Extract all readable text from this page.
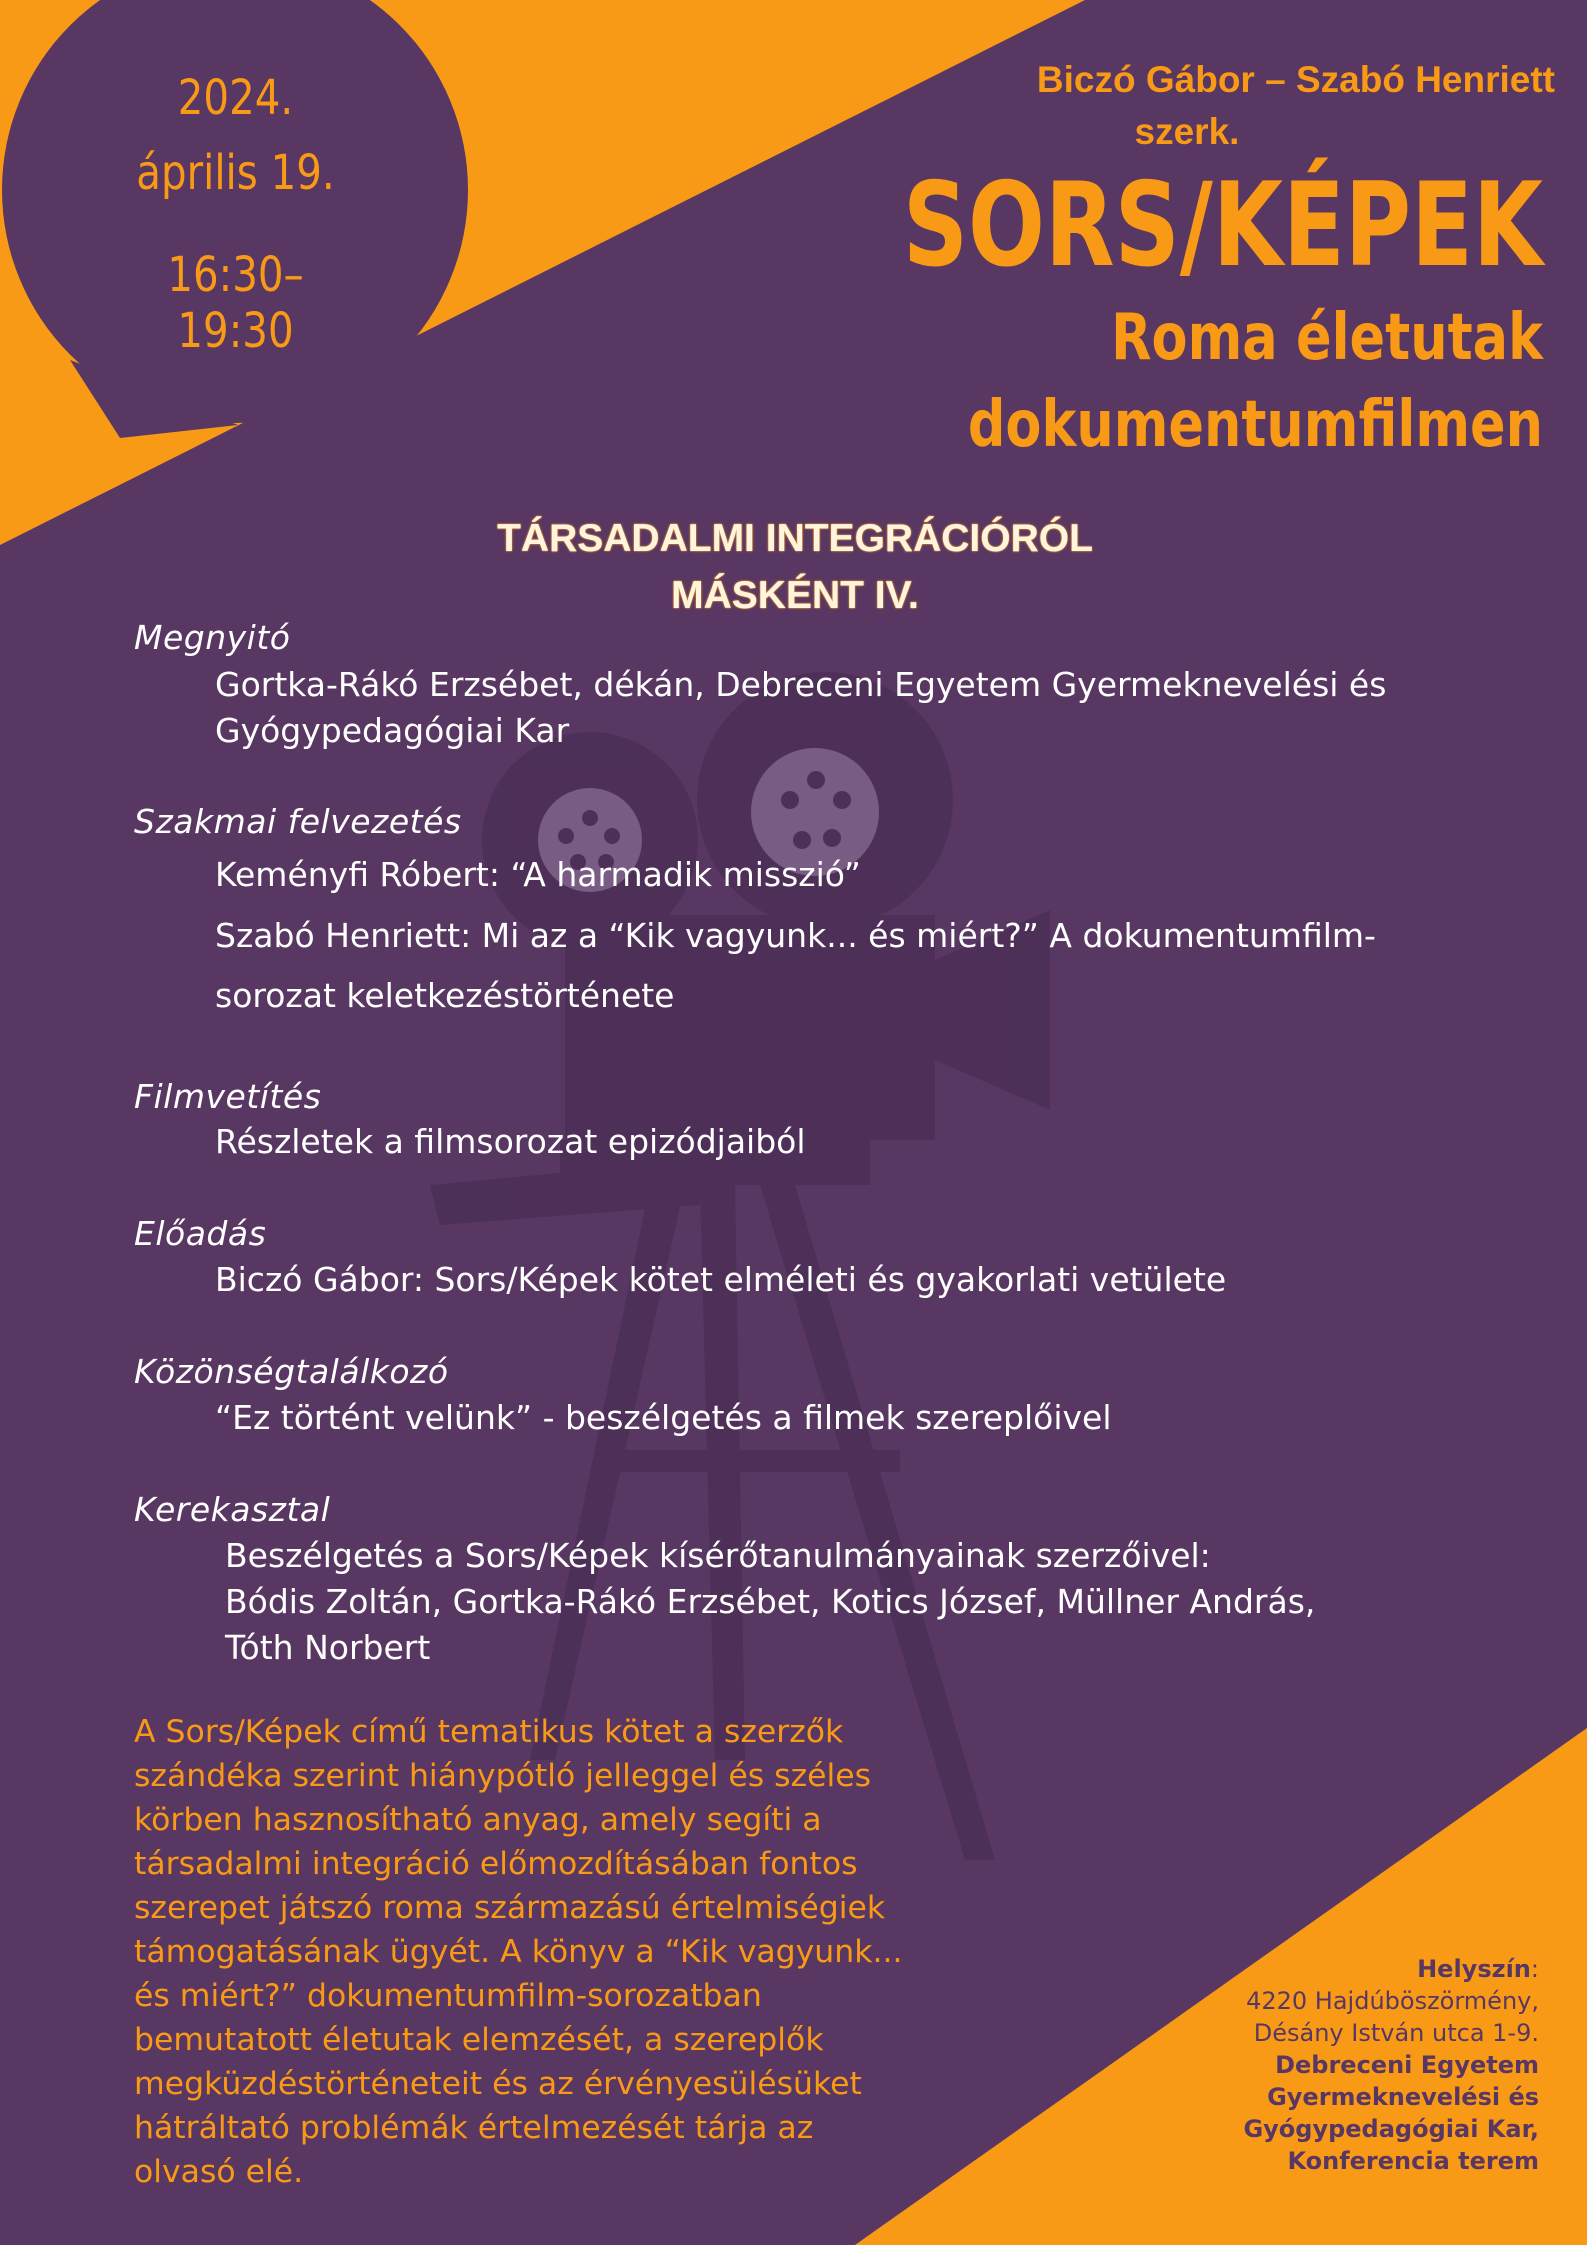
2024.
április 19.
16:30–19:30
Biczó Gábor – Szabó Henriett
szerk.
SORS/KÉPEK
Roma életutak
dokumentumfilmen
TÁRSADALMI INTEGRÁCIÓRÓL
MÁSKÉNT IV.
Megnyitó
Gortka-Rákó Erzsébet, dékán, Debreceni Egyetem Gyermeknevelési és
Gyógypedagógiai Kar
Szakmai felvezetés
Keményfi Róbert: “A harmadik misszió”
Szabó Henriett: Mi az a “Kik vagyunk... és miért?” A dokumentumfilm-
sorozat keletkezéstörténete
Filmvetítés
Részletek a filmsorozat epizódjaiból
Előadás
Biczó Gábor: Sors/Képek kötet elméleti és gyakorlati vetülete
Közönségtalálkozó
“Ez történt velünk” - beszélgetés a filmek szereplőivel
Kerekasztal
Beszélgetés a Sors/Képek kísérőtanulmányainak szerzőivel:
Bódis Zoltán, Gortka-Rákó Erzsébet, Kotics József, Müllner András,
Tóth Norbert
A Sors/Képek című tematikus kötet a szerzők
szándéka szerint hiánypótló jelleggel és széles
körben hasznosítható anyag, amely segíti a
társadalmi integráció előmozdításában fontos
szerepet játszó roma származású értelmiségiek
támogatásának ügyét. A könyv a “Kik vagyunk...
és miért?” dokumentumfilm-sorozatban
bemutatott életutak elemzését, a szereplők
megküzdéstörténeteit és az érvényesülésüket
hátráltató problémák értelmezését tárja az
olvasó elé.
Helyszín:
4220 Hajdúböszörmény,
Désány István utca 1-9.
Debreceni Egyetem
Gyermeknevelési és
Gyógypedagógiai Kar,
Konferencia terem
